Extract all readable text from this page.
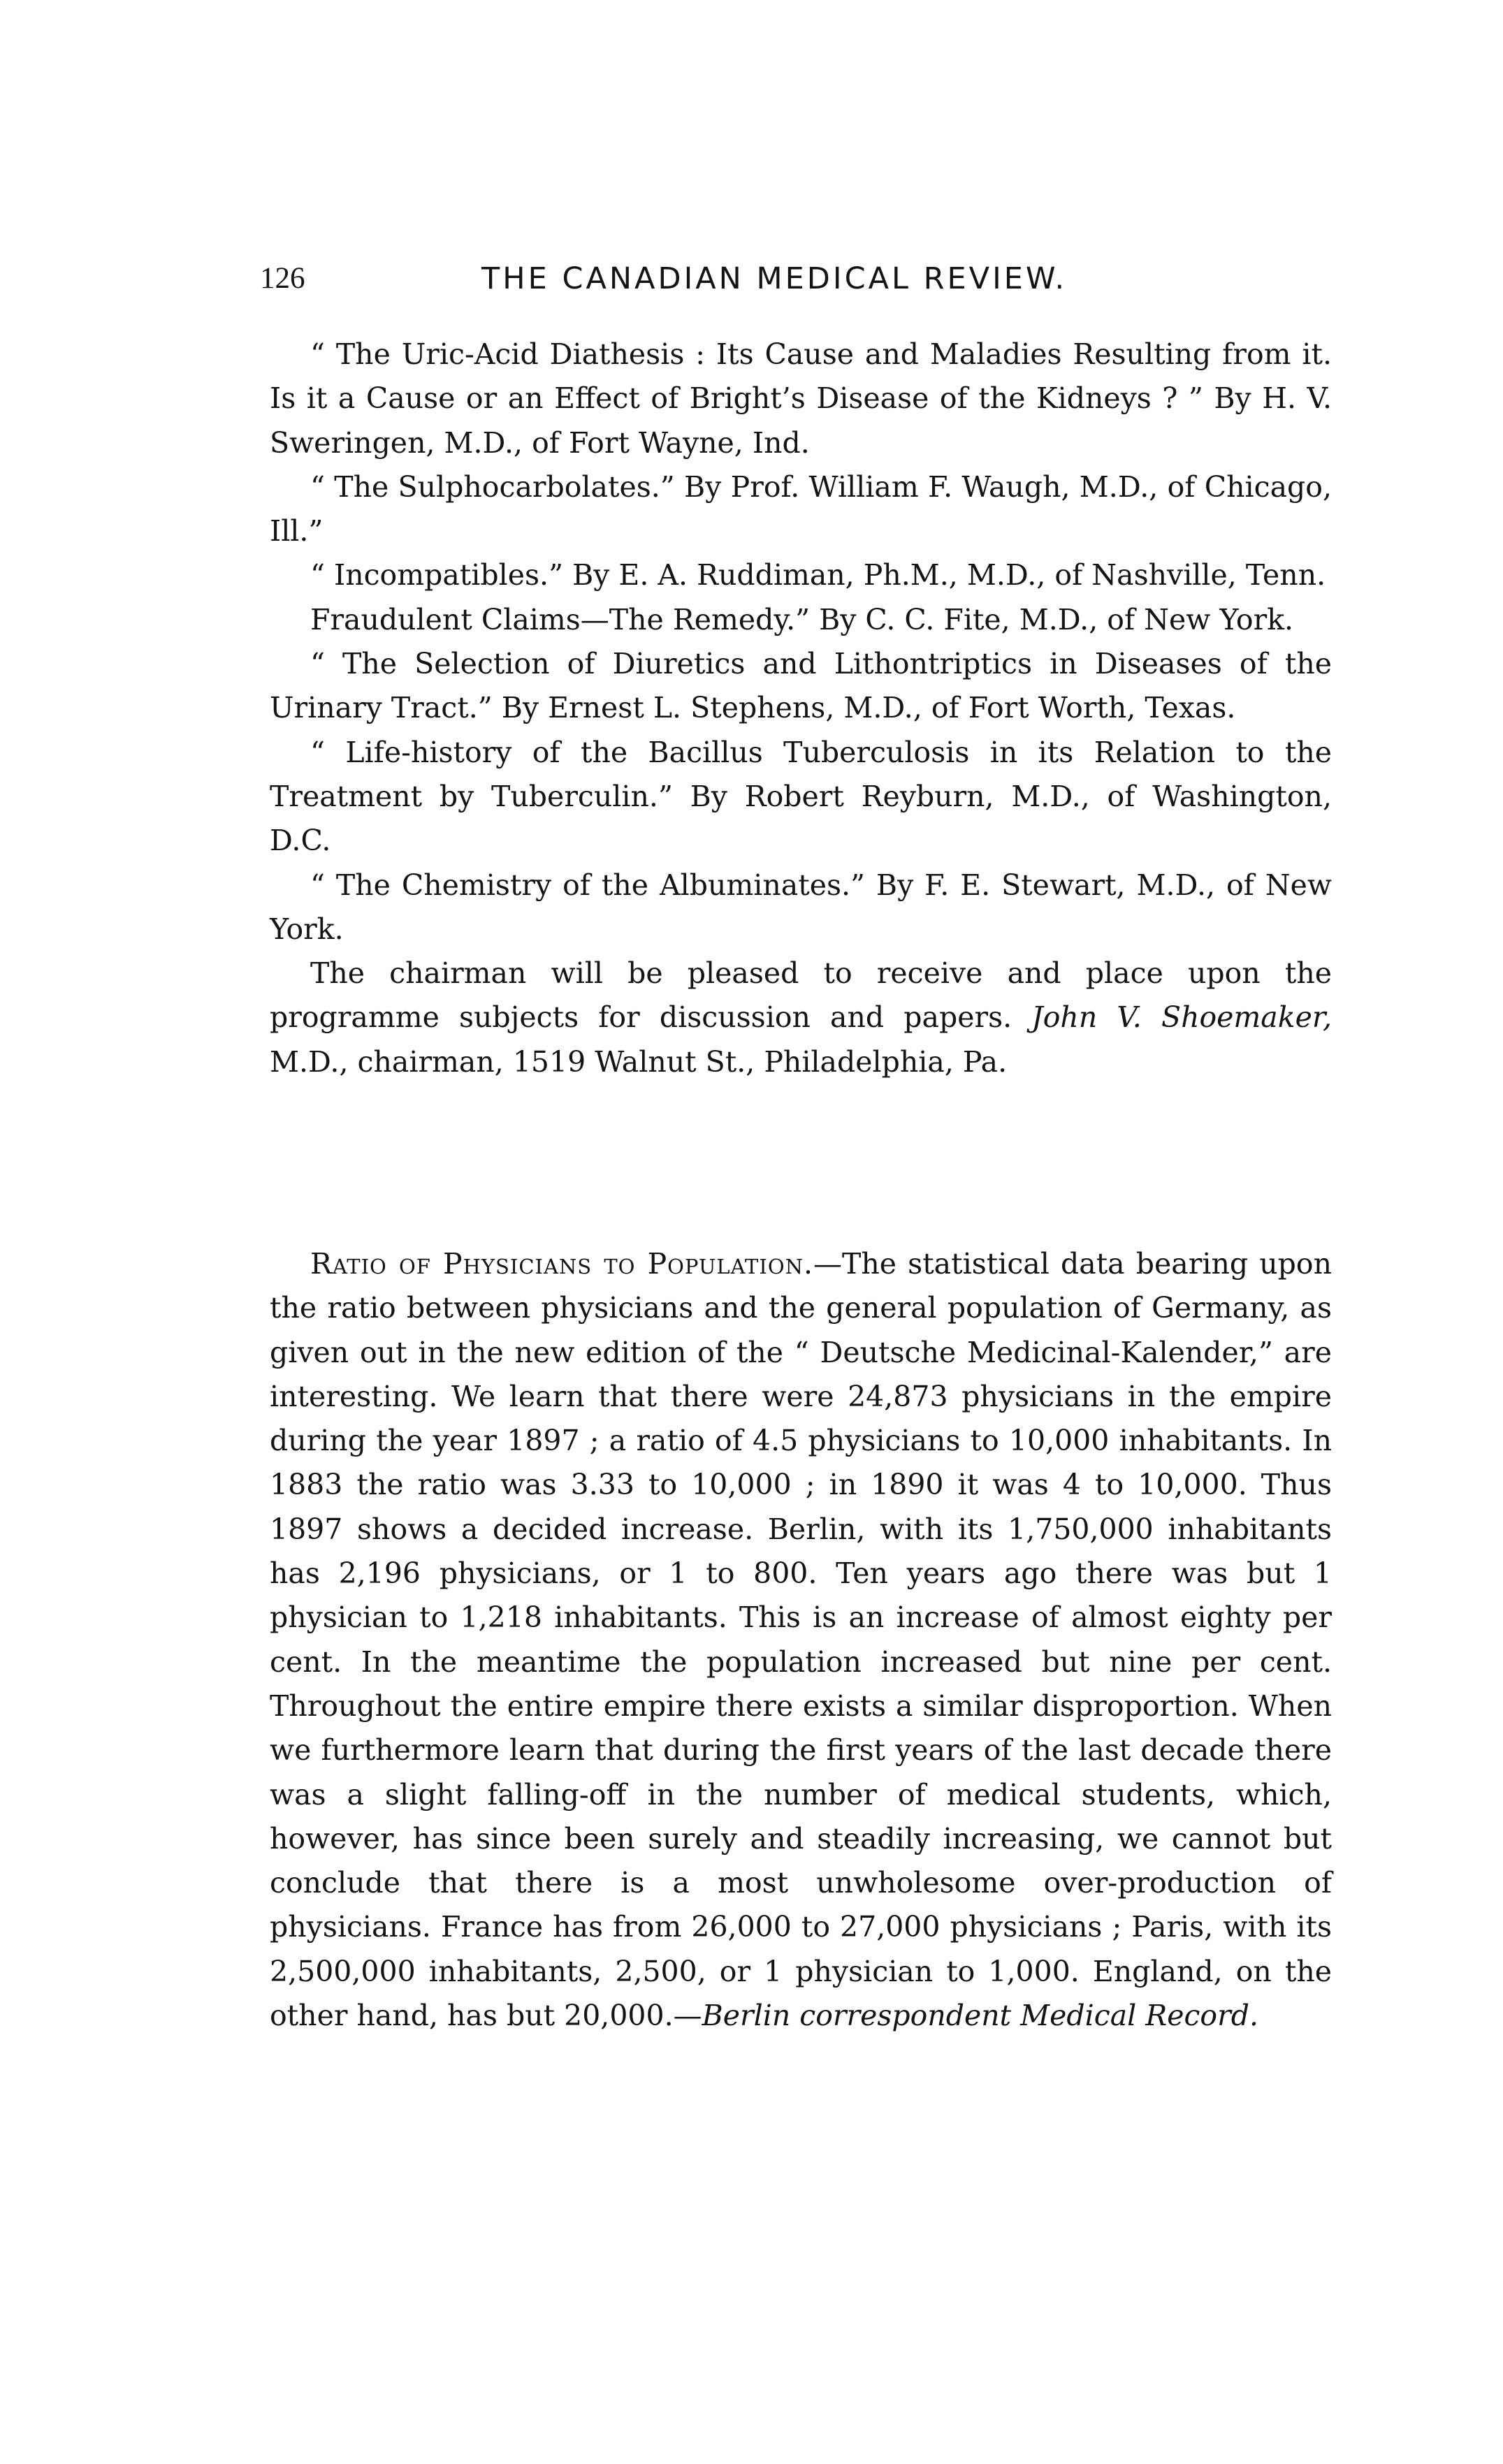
126	THE CANADIAN MEDICAL REVIEW.

“ The Uric-Acid Diathesis : Its Cause and Maladies Resulting from it. Is it a Cause or an Effect of Bright’s Disease of the Kidneys ? ” By H. V. Sweringen, M.D., of Fort Wayne, Ind.

“ The Sulphocarbolates.” By Prof. William F. Waugh, M.D., of Chicago, Ill.”

“ Incompatibles.” By E. A. Ruddiman, Ph.M., M.D., of Nashville, Tenn.

Fraudulent Claims—The Remedy.” By C. C. Fite, M.D., of New York.

“ The Selection of Diuretics and Lithontriptics in Diseases of the Urinary Tract.” By Ernest L. Stephens, M.D., of Fort Worth, Texas.

“ Life-history of the Bacillus Tuberculosis in its Relation to the Treatment by Tuberculin.” By Robert Reyburn, M.D., of Washington, D.C.

“ The Chemistry of the Albuminates.” By F. E. Stewart, M.D., of New York.

The chairman will be pleased to receive and place upon the programme subjects for discussion and papers. John V. Shoemaker, M.D., chairman, 1519 Walnut St., Philadelphia, Pa.

Ratio of Physicians to Population.—The statistical data bearing upon the ratio between physicians and the general population of Germany, as given out in the new edition of the “ Deutsche Medicinal-Kalender,” are interesting. We learn that there were 24,873 physicians in the empire during the year 1897 ; a ratio of 4.5 physicians to 10,000 inhabitants. In 1883 the ratio was 3.33 to 10,000 ; in 1890 it was 4 to 10,000. Thus 1897 shows a decided increase. Berlin, with its 1,750,000 inhabitants has 2,196 physicians, or 1 to 800. Ten years ago there was but 1 physician to 1,218 inhabitants. This is an increase of almost eighty per cent. In the meantime the population increased but nine per cent. Throughout the entire empire there exists a similar disproportion. When we furthermore learn that during the first years of the last decade there was a slight falling-off in the number of medical students, which, however, has since been surely and steadily increasing, we cannot but conclude that there is a most unwholesome over-production of physicians. France has from 26,000 to 27,000 physicians ; Paris, with its 2,500,000 inhabitants, 2,500, or 1 physician to 1,000. England, on the other hand, has but 20,000.—Berlin correspondent Medical Record.
